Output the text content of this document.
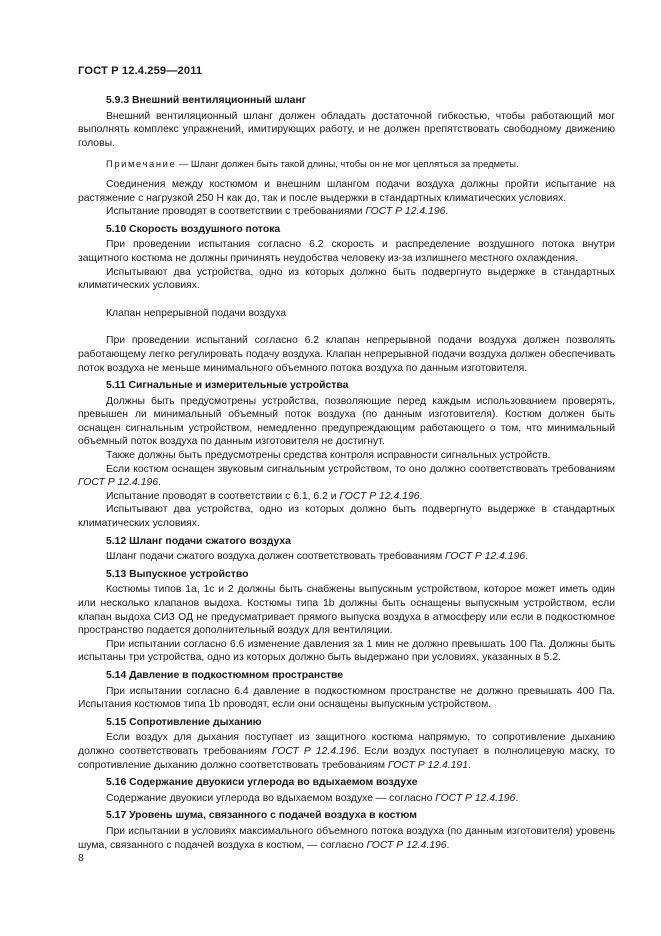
ГОСТ Р 12.4.259—2011
5.9.3 Внешний вентиляционный шланг

Внешний вентиляционный шланг должен обладать достаточной гибкостью, чтобы работающий мог выполнять комплекс упражнений, имитирующих работу, и не должен препятствовать свободному движению головы.

Примечание — Шланг должен быть такой длины, чтобы он не мог цепляться за предметы.

Соединения между костюмом и внешним шлангом подачи воздуха должны пройти испытание на растяжение с нагрузкой 250 Н как до, так и после выдержки в стандартных климатических условиях.

Испытание проводят в соответствии с требованиями ГОСТ Р 12.4.196.

5.10 Скорость воздушного потока

При проведении испытания согласно 6.2 скорость и распределение воздушного потока внутри защитного костюма не должны причинять неудобства человеку из-за излишнего местного охлаждения.

Испытывают два устройства, одно из которых должно быть подвергнуто выдержке в стандартных климатических условиях.

Клапан непрерывной подачи воздуха

При проведении испытаний согласно 6.2 клапан непрерывной подачи воздуха должен позволять работающему легко регулировать подачу воздуха. Клапан непрерывной подачи воздуха должен обеспечивать поток воздуха не меньше минимального объемного потока воздуха по данным изготовителя.

5.11 Сигнальные и измерительные устройства

Должны быть предусмотрены устройства, позволяющие перед каждым использованием проверять, превышен ли минимальный объемный поток воздуха (по данным изготовителя). Костюм должен быть оснащен сигнальным устройством, немедленно предупреждающим работающего о том, что минимальный объемный поток воздуха по данным изготовителя не достигнут.

Также должны быть предусмотрены средства контроля исправности сигнальных устройств.

Если костюм оснащен звуковым сигнальным устройством, то оно должно соответствовать требованиям ГОСТ Р 12.4.196.

Испытание проводят в соответствии с 6.1, 6.2 и ГОСТ Р 12.4.196.

Испытывают два устройства, одно из которых должно быть подвергнуто выдержке в стандартных климатических условиях.

5.12 Шланг подачи сжатого воздуха

Шланг подачи сжатого воздуха должен соответствовать требованиям ГОСТ Р 12.4.196.

5.13 Выпускное устройство

Костюмы типов 1a, 1c и 2 должны быть снабжены выпускным устройством, которое может иметь один или несколько клапанов выдоха. Костюмы типа 1b должны быть оснащены выпускным устройством, если клапан выдоха СИЗ ОД не предусматривает прямого выпуска воздуха в атмосферу или если в подкостюмное пространство подается дополнительный воздух для вентиляции.

При испытании согласно 6.6 изменение давления за 1 мин не должно превышать 100 Па. Должны быть испытаны три устройства, одно из которых должно быть выдержано при условиях, указанных в 5.2.

5.14 Давление в подкостюмном пространстве

При испытании согласно 6.4 давление в подкостюмном пространстве не должно превышать 400 Па. Испытания костюмов типа 1b проводят, если они оснащены выпускным устройством.

5.15 Сопротивление дыханию

Если воздух для дыхания поступает из защитного костюма напрямую, то сопротивление дыханию должно соответствовать требованиям ГОСТ Р 12.4.196. Если воздух поступает в полнолицевую маску, то сопротивление дыханию должно соответствовать требованиям ГОСТ Р 12.4.191.

5.16 Содержание двуокиси углерода во вдыхаемом воздухе

Содержание двуокиси углерода во вдыхаемом воздухе — согласно ГОСТ Р 12.4.196.

5.17 Уровень шума, связанного с подачей воздуха в костюм

При испытании в условиях максимального объемного потока воздуха (по данным изготовителя) уровень шума, связанного с подачей воздуха в костюм, — согласно ГОСТ Р 12.4.196.

8
